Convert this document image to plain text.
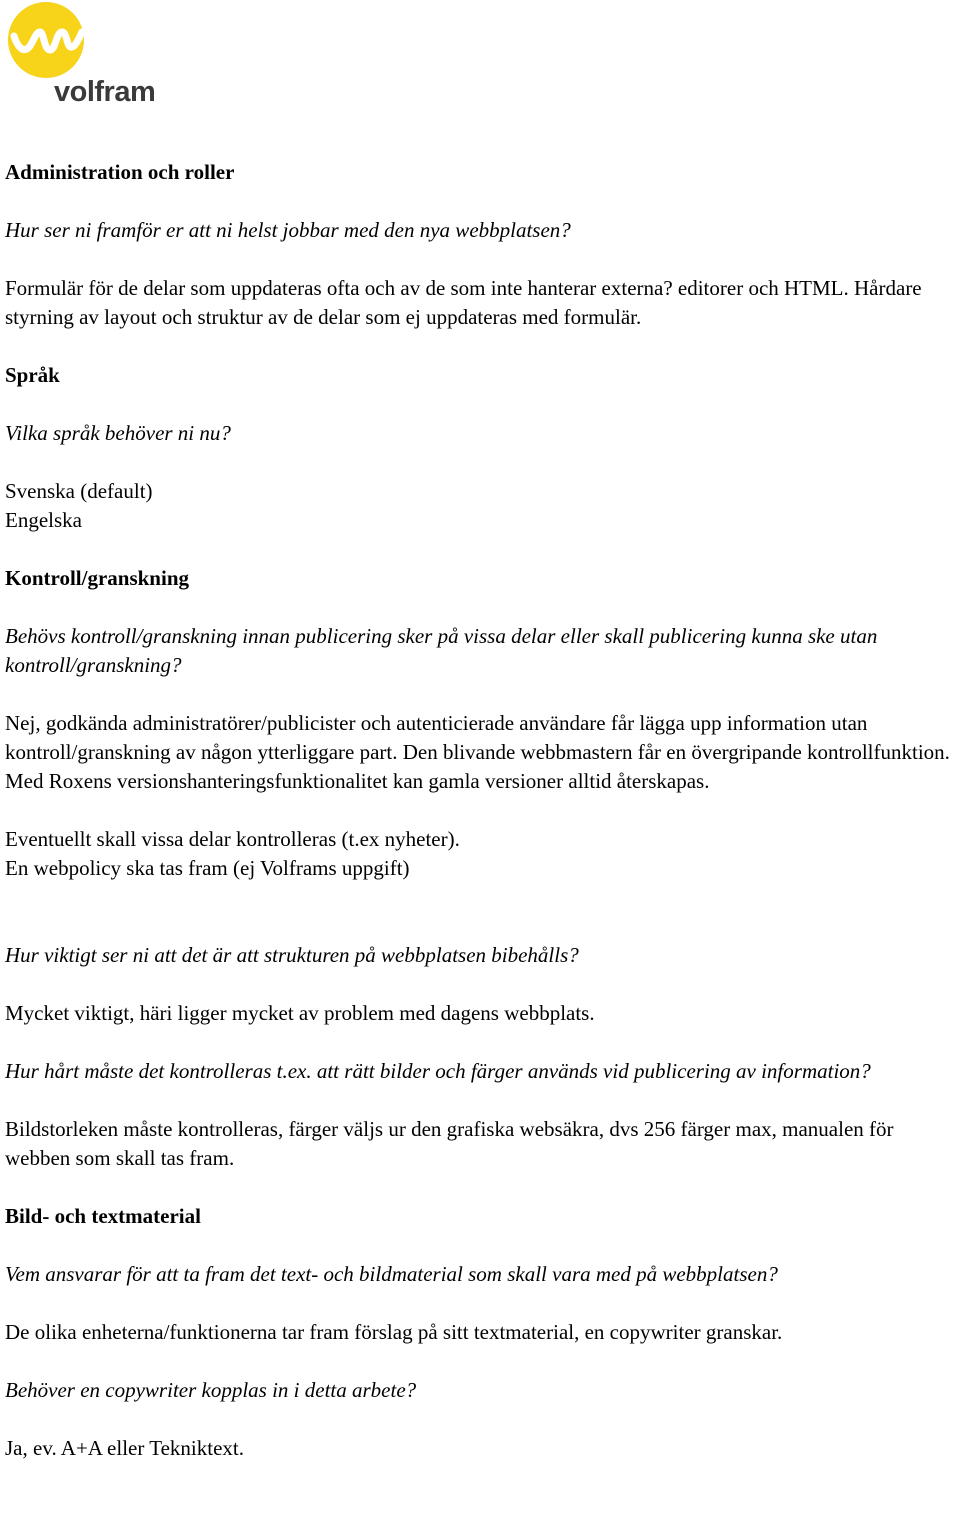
volfram

Administration och roller

Hur ser ni framför er att ni helst jobbar med den nya webbplatsen?

Formulär för de delar som uppdateras ofta och av de som inte hanterar externa? editorer och HTML. Hårdare styrning av layout och struktur av de delar som ej uppdateras med formulär.

Språk

Vilka språk behöver ni nu?

Svenska (default)

Engelska

Kontroll/granskning

Behövs kontroll/granskning innan publicering sker på vissa delar eller skall publicering kunna ske utan kontroll/granskning?

Nej, godkända administratörer/publicister och autenticierade användare får lägga upp information utan kontroll/granskning av någon ytterliggare part. Den blivande webbmastern får en övergripande kontrollfunktion. Med Roxens versionshanteringsfunktionalitet kan gamla versioner alltid återskapas.

Eventuellt skall vissa delar kontrolleras (t.ex nyheter).

En webpolicy ska tas fram (ej Volframs uppgift)

Hur viktigt ser ni att det är att strukturen på webbplatsen bibehålls?

Mycket viktigt, häri ligger mycket av problem med dagens webbplats.

Hur hårt måste det kontrolleras t.ex. att rätt bilder och färger används vid publicering av information?

Bildstorleken måste kontrolleras, färger väljs ur den grafiska websäkra, dvs 256 färger max, manualen för webben som skall tas fram.

Bild- och textmaterial

Vem ansvarar för att ta fram det text- och bildmaterial som skall vara med på webbplatsen?

De olika enheterna/funktionerna tar fram förslag på sitt textmaterial, en copywriter granskar.

Behöver en copywriter kopplas in i detta arbete?

Ja, ev. A+A eller Tekniktext.
